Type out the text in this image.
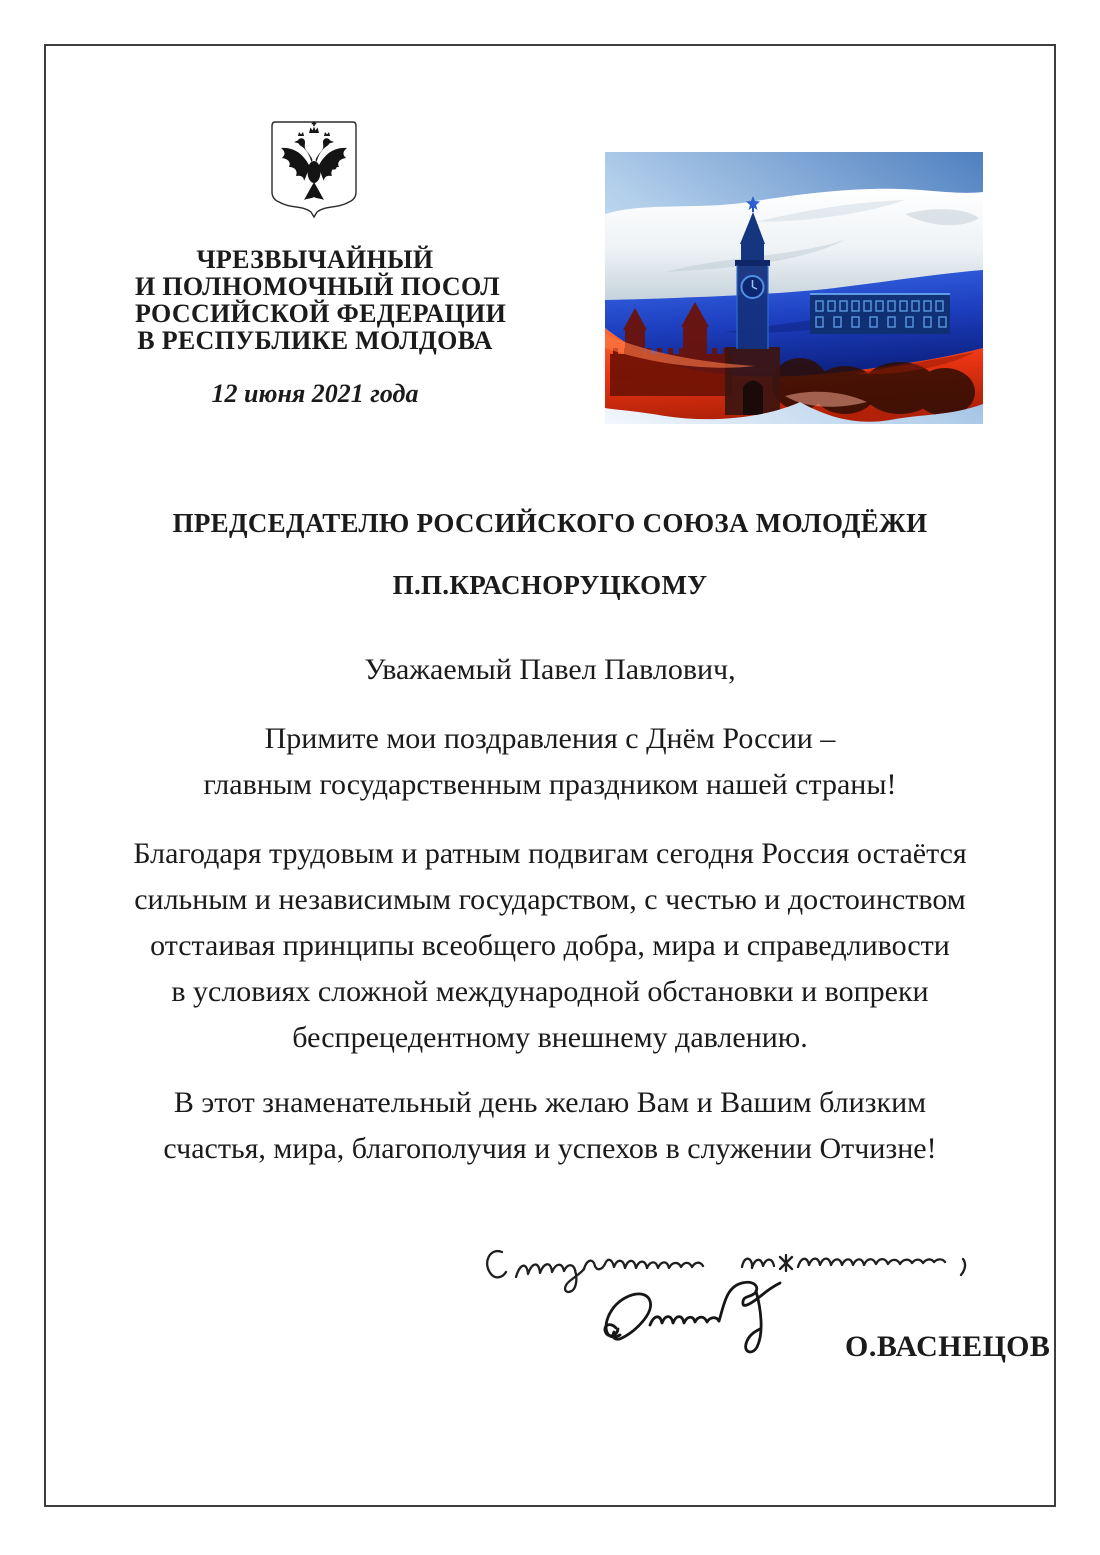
ЧРЕЗВЫЧАЙНЫЙ
И ПОЛНОМОЧНЫЙ ПОСОЛ
РОССИЙСКОЙ ФЕДЕРАЦИИ
В РЕСПУБЛИКЕ МОЛДОВА
12 июня 2021 года
ПРЕДСЕДАТЕЛЮ РОССИЙСКОГО СОЮЗА МОЛОДЁЖИ
П.П.КРАСНОРУЦКОМУ

Уважаемый Павел Павлович,

Примите мои поздравления с Днём России –
главным государственным праздником нашей страны!

Благодаря трудовым и ратным подвигам сегодня Россия остаётся
сильным и независимым государством, с честью и достоинством
отстаивая принципы всеобщего добра, мира и справедливости
в условиях сложной международной обстановки и вопреки
беспрецедентному внешнему давлению.

В этот знаменательный день желаю Вам и Вашим близким
счастья, мира, благополучия и успехов в служении Отчизне!

О.ВАСНЕЦОВ
